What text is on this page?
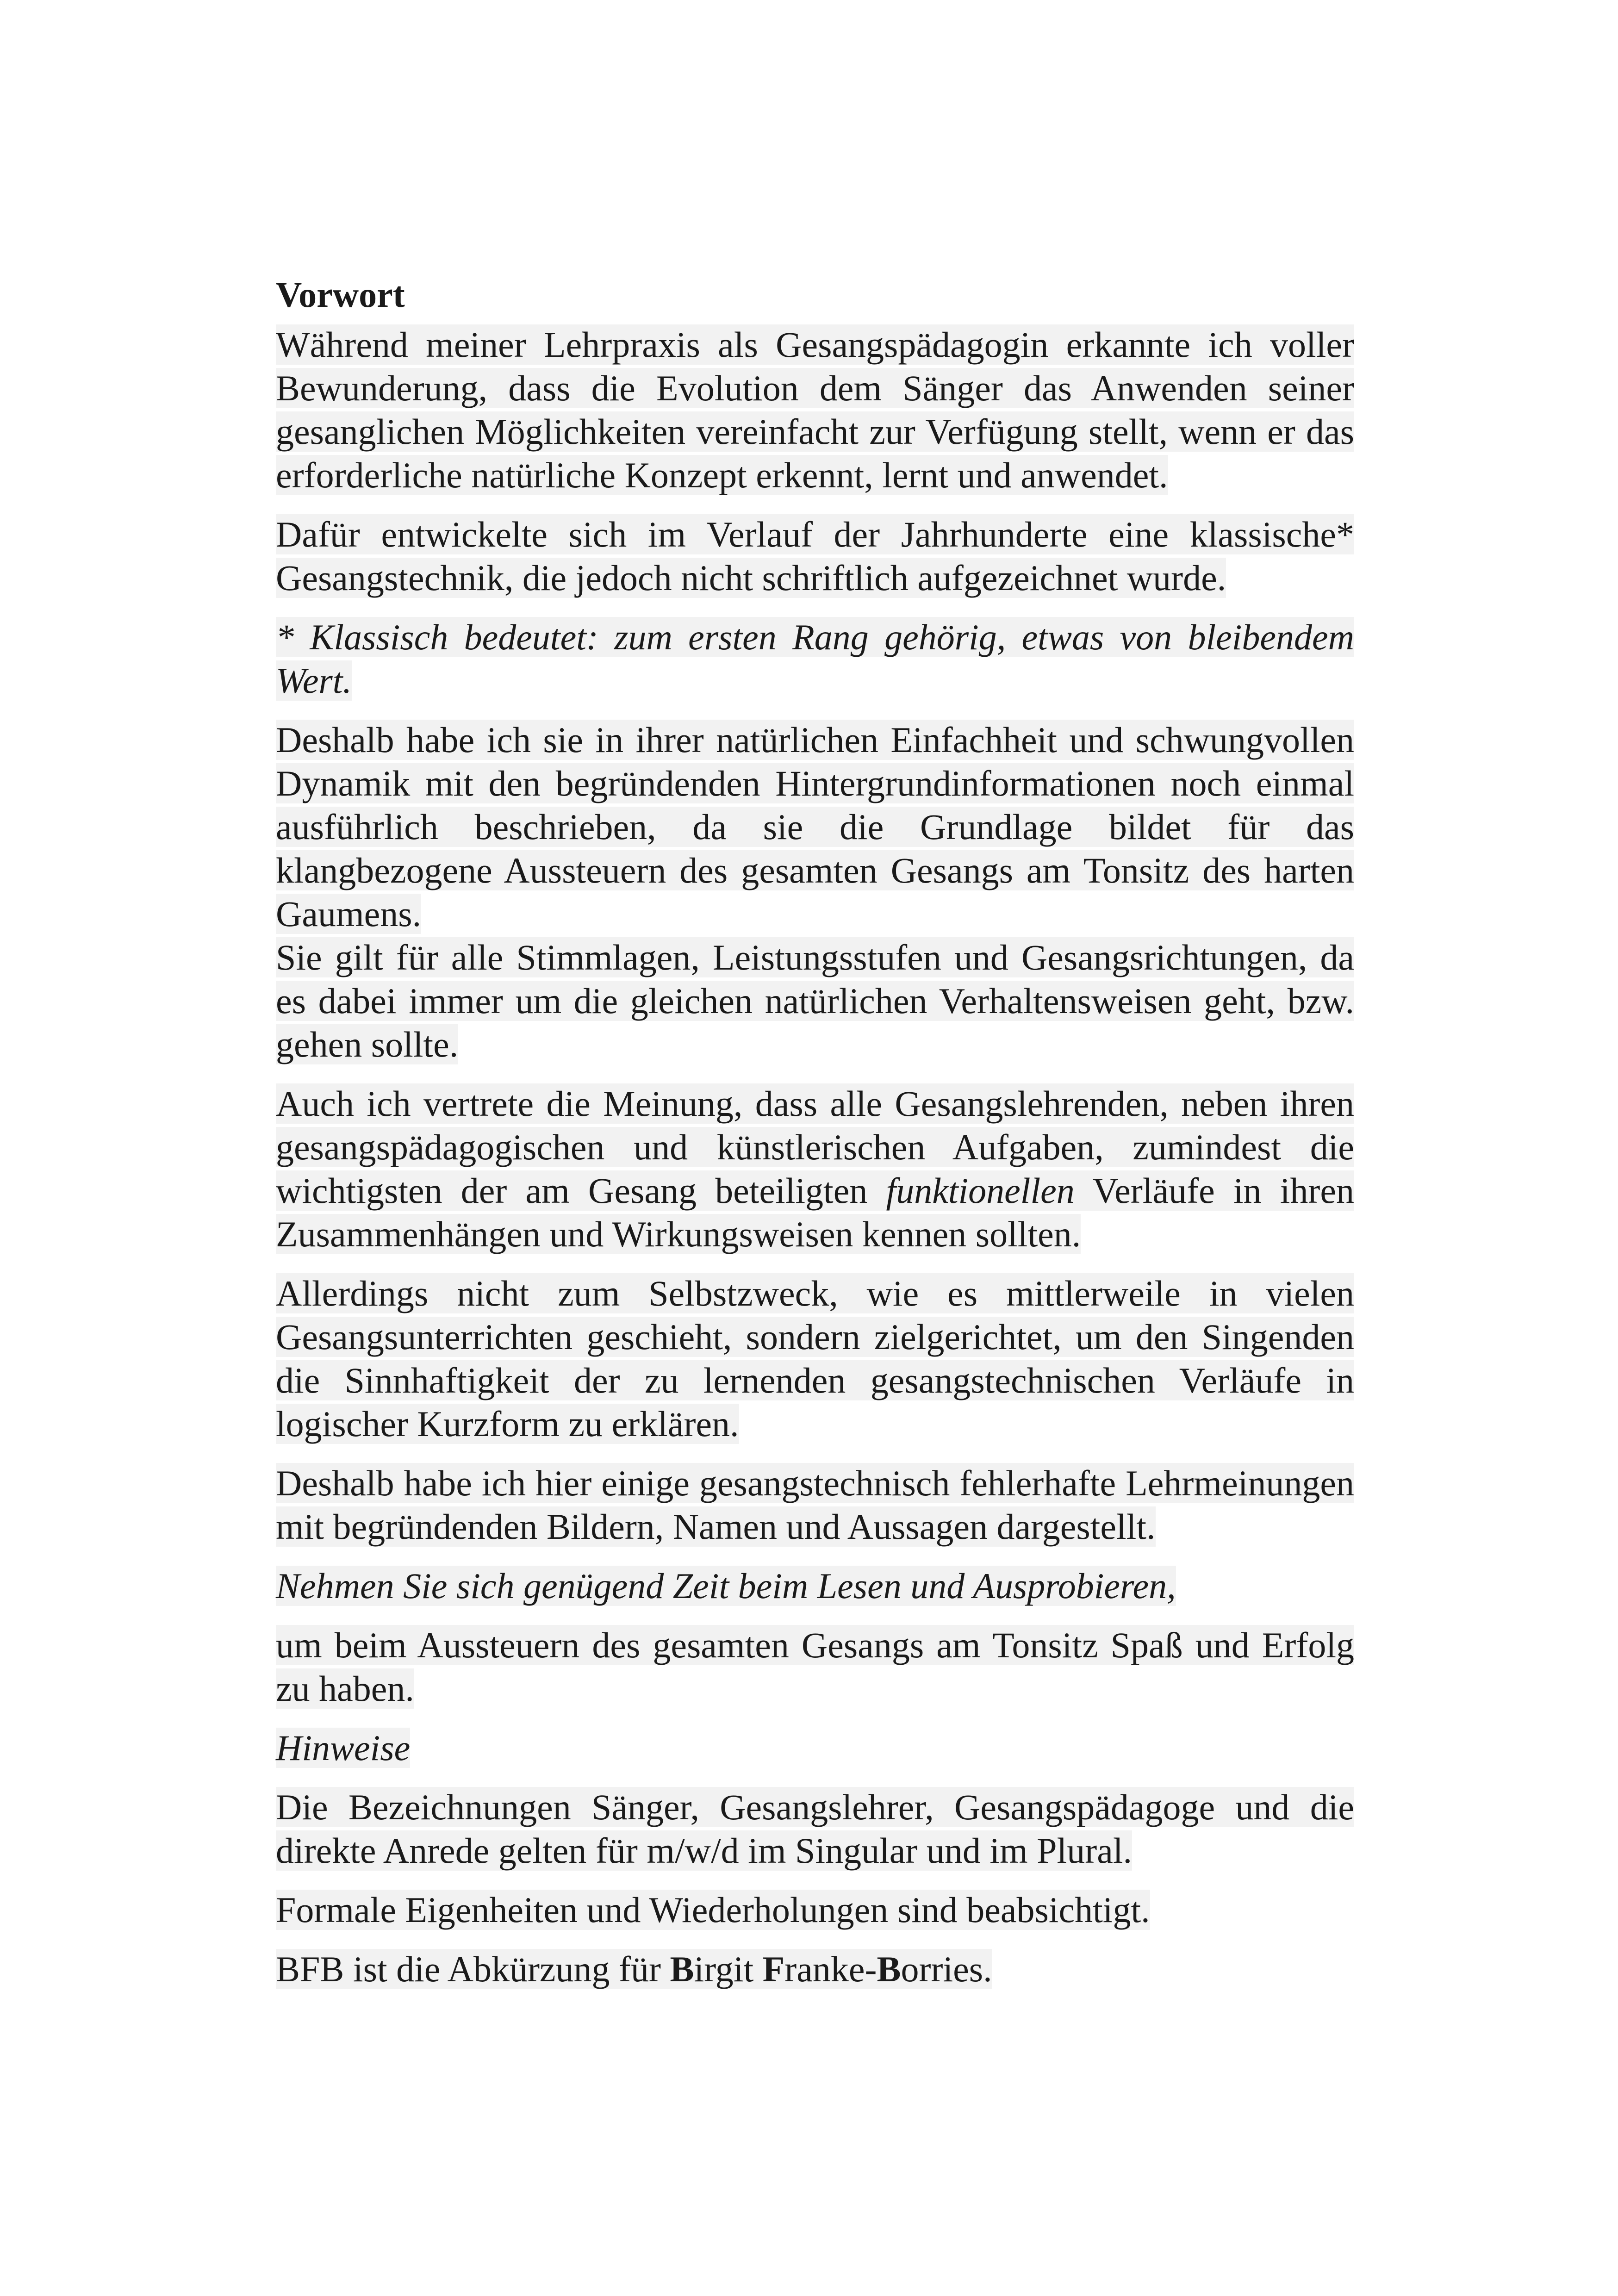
Vorwort

Während meiner Lehrpraxis als Gesangspädagogin erkannte ich voller Bewunderung, dass die Evolution dem Sänger das Anwenden seiner gesanglichen Möglichkeiten vereinfacht zur Verfügung stellt, wenn er das erforderliche natürliche Konzept erkennt, lernt und anwendet.

Dafür entwickelte sich im Verlauf der Jahrhunderte eine klassische* Gesangstechnik, die jedoch nicht schriftlich aufgezeichnet wurde.

* Klassisch bedeutet: zum ersten Rang gehörig, etwas von bleibendem Wert.

Deshalb habe ich sie in ihrer natürlichen Einfachheit und schwungvollen Dynamik mit den begründenden Hintergrundinformationen noch einmal ausführlich beschrieben, da sie die Grundlage bildet für das klangbezogene Aussteuern des gesamten Gesangs am Tonsitz des harten Gaumens.

Sie gilt für alle Stimmlagen, Leistungsstufen und Gesangsrichtungen, da es dabei immer um die gleichen natürlichen Verhaltensweisen geht, bzw. gehen sollte.

Auch ich vertrete die Meinung, dass alle Gesangslehrenden, neben ihren gesangspädagogischen und künstlerischen Aufgaben, zumindest die wichtigsten der am Gesang beteiligten funktionellen Verläufe in ihren Zusammenhängen und Wirkungsweisen kennen sollten.

Allerdings nicht zum Selbstzweck, wie es mittlerweile in vielen Gesangsunterrichten geschieht, sondern zielgerichtet, um den Singenden die Sinnhaftigkeit der zu lernenden gesangstechnischen Verläufe in logischer Kurzform zu erklären.

Deshalb habe ich hier einige gesangstechnisch fehlerhafte Lehrmeinungen mit begründenden Bildern, Namen und Aussagen dargestellt.

Nehmen Sie sich genügend Zeit beim Lesen und Ausprobieren,

um beim Aussteuern des gesamten Gesangs am Tonsitz Spaß und Erfolg zu haben.

Hinweise

Die Bezeichnungen Sänger, Gesangslehrer, Gesangspädagoge und die direkte Anrede gelten für m/w/d im Singular und im Plural.

Formale Eigenheiten und Wiederholungen sind beabsichtigt.

BFB ist die Abkürzung für Birgit Franke-Borries.
